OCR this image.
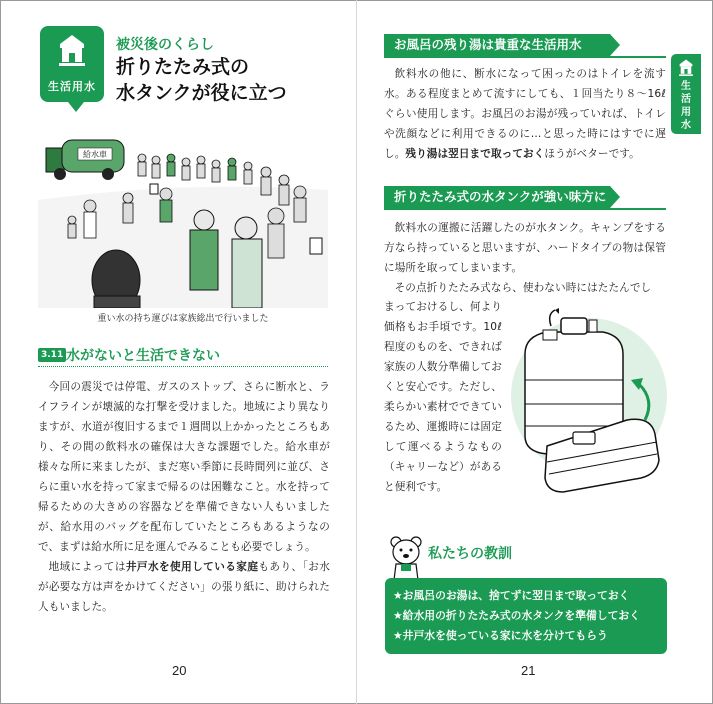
生活用水
被災後のくらし
折りたたみ式の
水タンクが役に立つ
給水車
重い水の持ち運びは家族総出で行いました
3.11 水がないと生活できない

今回の震災では停電、ガスのストップ、さらに断水と、ライフラインが壊滅的な打撃を受けました。地域により異なりますが、水道が復旧するまで１週間以上かかったところもあり、その間の飲料水の確保は大きな課題でした。給水車が様々な所に来ましたが、まだ寒い季節に長時間列に並び、さらに重い水を持って家まで帰るのは困難なこと。水を持って帰るための大きめの容器などを準備できない人もいましたが、給水用のバッグを配布していたところもあるようなので、まずは給水所に足を運んでみることも必要でしょう。

地域によっては井戸水を使用している家庭もあり、「お水が必要な方は声をかけてください」の張り紙に、助けられた人もいました。

20
生活用水
お風呂の残り湯は貴重な生活用水

飲料水の他に、断水になって困ったのはトイレを流す水。ある程度まとめて流すにしても、１回当たり８〜16ℓぐらい使用します。お風呂のお湯が残っていれば、トイレや洗顔などに利用できるのに…と思った時にはすでに遅し。残り湯は翌日まで取っておくほうがベターです。

折りたたみ式の水タンクが強い味方に

飲料水の運搬に活躍したのが水タンク。キャンプをする方なら持っていると思いますが、ハードタイプの物は保管に場所を取ってしまいます。

その点折りたたみ式なら、使わない時にはたたんでし

まっておけるし、何より価格もお手頃です。10ℓ程度のものを、できれば家族の人数分準備しておくと安心です。ただし、柔らかい素材でできているため、運搬時には固定して運べるようなもの（キャリーなど）があると便利です。

私たちの教訓
★お風呂のお湯は、捨てずに翌日まで取っておく
★給水用の折りたたみ式の水タンクを準備しておく
★井戸水を使っている家に水を分けてもらう
21
